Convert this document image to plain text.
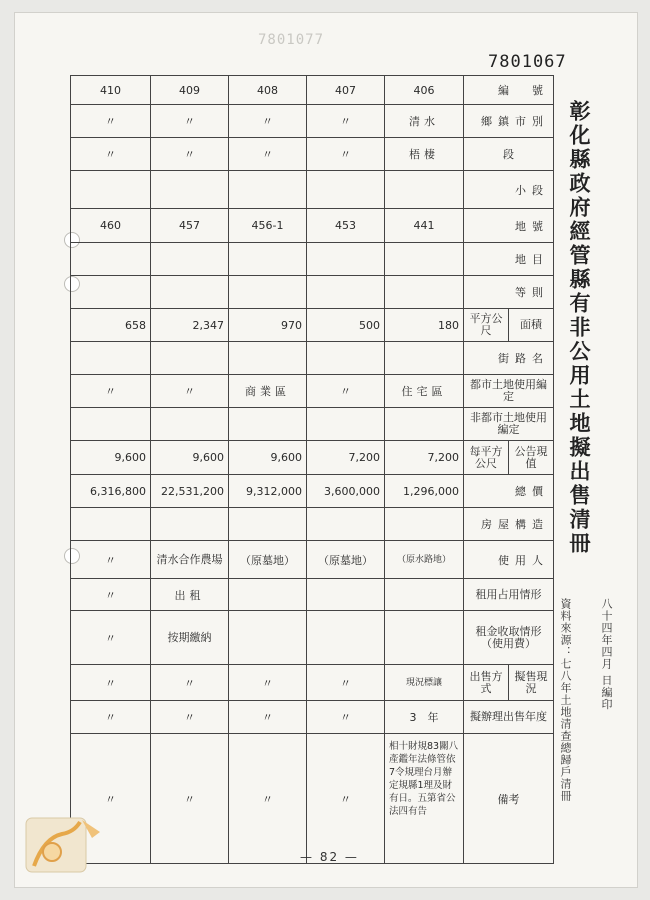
7801077
7801067
410	409	408	407	406	編　號	
〃	〃	〃	〃	清水	鄉鎮市別	
〃	〃	〃	〃	梧棲	段	
					小段	
460	457	456-1	453	441	地號	
					地目	
					等則	
658	2,347	970	500	180	平方公尺	面積
					街路名	
〃	〃	商業區	〃	住宅區	都市土地使用編定	
					非都市土地使用編定	
9,600	9,600	9,600	7,200	7,200	每平方公尺	公告現值
6,316,800	22,531,200	9,312,000	3,600,000	1,296,000	總價	
					房屋構造	
〃	清水合作農場	（原墓地）	（原墓地）	（原水路地）	使用人	
〃	出租				租用占用情形	
〃	按期繳納				租金收取情形（使用費）	
〃	〃	〃	〃	現況標讓	出售方式	擬售現況
〃	〃	〃	〃	3　年	擬辦理出售年度	
〃	〃	〃	〃	相十財規83關八產鑑年法條管依7令規理台月辦定規縣1理及財有日。五第省公法四有告	備考	
彰化縣政府經管縣有非公用土地擬出售清冊
資料來源：七八年土地清查總歸戶清冊	八十四年四月 日編印
— 82 —
